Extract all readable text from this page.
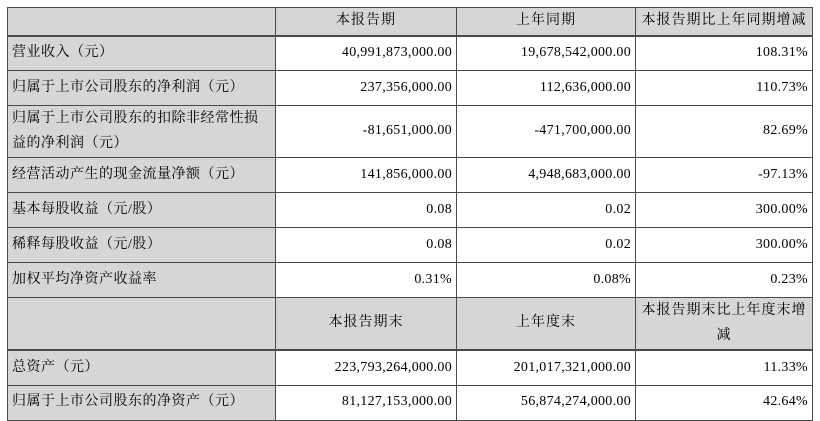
	本报告期	上年同期	本报告期比上年同期增减
营业收入（元）	40,991,873,000.00	19,678,542,000.00	108.31%
归属于上市公司股东的净利润（元）	237,356,000.00	112,636,000.00	110.73%
归属于上市公司股东的扣除非经常性损益的净利润（元）	-81,651,000.00	-471,700,000.00	82.69%
经营活动产生的现金流量净额（元）	141,856,000.00	4,948,683,000.00	-97.13%
基本每股收益（元/股）	0.08	0.02	300.00%
稀释每股收益（元/股）	0.08	0.02	300.00%
加权平均净资产收益率	0.31%	0.08%	0.23%
	本报告期末	上年度末	本报告期末比上年度末增减
总资产（元）	223,793,264,000.00	201,017,321,000.00	11.33%
归属于上市公司股东的净资产（元）	81,127,153,000.00	56,874,274,000.00	42.64%
